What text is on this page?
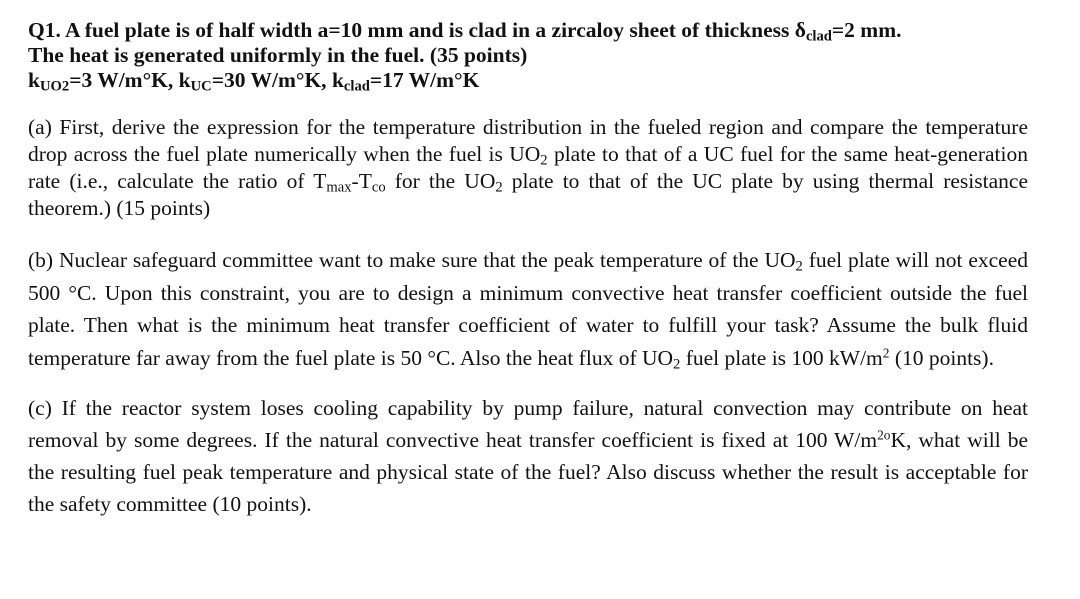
Q1. A fuel plate is of half width a=10 mm and is clad in a zircaloy sheet of thickness $\delta_{clad}=2$ mm.
The heat is generated uniformly in the fuel. (35 points)
$k_{UO2}=3$ W/m°K, $k_{UC}=30$ W/m°K, $k_{clad}=17$ W/m°K
(a) First, derive the expression for the temperature distribution in the fueled region and compare the temperature drop across the fuel plate numerically when the fuel is $UO_2$ plate to that of a UC fuel for the same heat-generation rate (i.e., calculate the ratio of $T_{max}-T_{co}$ for the $UO_2$ plate to that of the UC plate by using thermal resistance theorem.) (15 points)
(b) Nuclear safeguard committee want to make sure that the peak temperature of the $UO_2$ fuel plate will not exceed 500 °C. Upon this constraint, you are to design a minimum convective heat transfer coefficient outside the fuel plate. Then what is the minimum heat transfer coefficient of water to fulfill your task? Assume the bulk fluid temperature far away from the fuel plate is 50 °C. Also the heat flux of $UO_2$ fuel plate is 100 $kW/m^2$ (10 points).
(c) If the reactor system loses cooling capability by pump failure, natural convection may contribute on heat removal by some degrees. If the natural convective heat transfer coefficient is fixed at 100 $W/m^{2o}K$, what will be the resulting fuel peak temperature and physical state of the fuel? Also discuss whether the result is acceptable for the safety committee (10 points).
